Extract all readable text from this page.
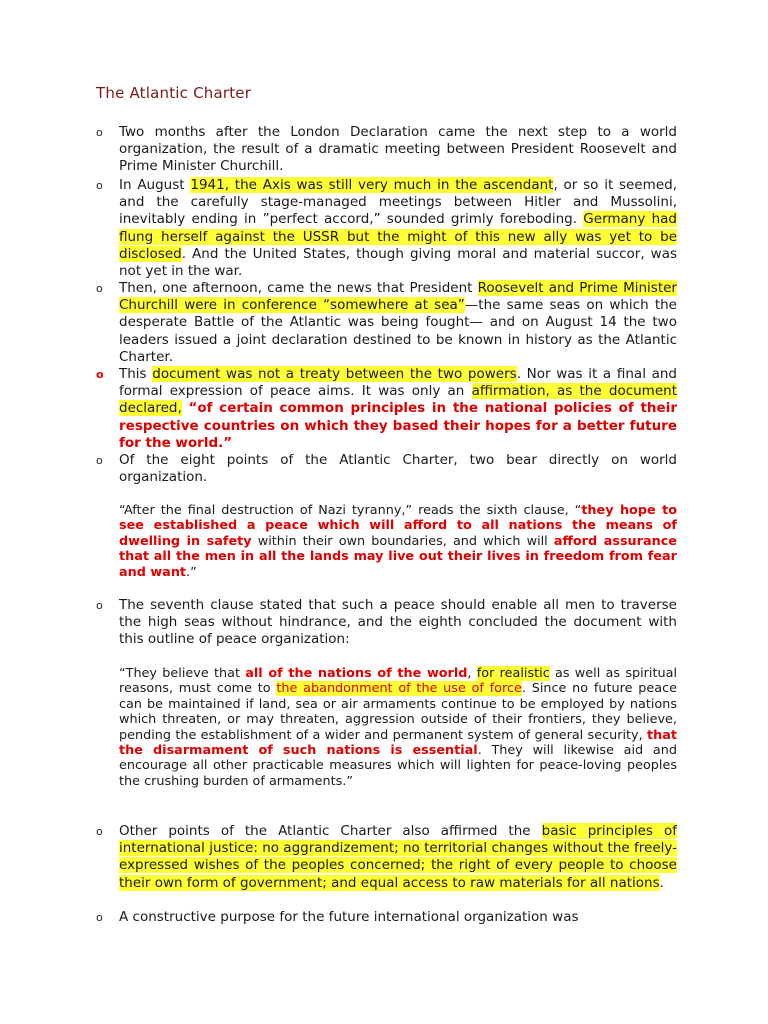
The Atlantic Charter
o	Two months after the London Declaration came the next step to a world organization, the result of a dramatic meeting between President Roosevelt and Prime Minister Churchill.
o	In August 1941, the Axis was still very much in the ascendant, or so it seemed, and the carefully stage-managed meetings between Hitler and Mussolini, inevitably ending in ”perfect accord,” sounded grimly foreboding. Germany had flung herself against the USSR but the might of this new ally was yet to be disclosed. And the United States, though giving moral and material succor, was not yet in the war.
o	Then, one afternoon, came the news that President Roosevelt and Prime Minister Churchill were in conference “somewhere at sea”—the same seas on which the desperate Battle of the Atlantic was being fought— and on August 14 the two leaders issued a joint declaration destined to be known in history as the Atlantic Charter.
o	This document was not a treaty between the two powers. Nor was it a final and formal expression of peace aims. It was only an affirmation, as the document declared, “of certain common principles in the national policies of their respective countries on which they based their hopes for a better future for the world.”
o	Of the eight points of the Atlantic Charter, two bear directly on world organization.

“After the final destruction of Nazi tyranny,” reads the sixth clause, “they hope to see established a peace which will afford to all nations the means of dwelling in safety within their own boundaries, and which will afford assurance that all the men in all the lands may live out their lives in freedom from fear and want.”

o	The seventh clause stated that such a peace should enable all men to traverse the high seas without hindrance, and the eighth concluded the document with this outline of peace organization:

“They believe that all of the nations of the world, for realistic as well as spiritual reasons, must come to the abandonment of the use of force. Since no future peace can be maintained if land, sea or air armaments continue to be employed by nations which threaten, or may threaten, aggression outside of their frontiers, they believe, pending the establishment of a wider and permanent system of general security, that the disarmament of such nations is essential. They will likewise aid and encourage all other practicable measures which will lighten for peace-loving peoples the crushing burden of armaments.”

o	Other points of the Atlantic Charter also affirmed the basic principles of international justice: no aggrandizement; no territorial changes without the freely-expressed wishes of the peoples concerned; the right of every people to choose their own form of government; and equal access to raw materials for all nations.
o	A constructive purpose for the future international organization was
